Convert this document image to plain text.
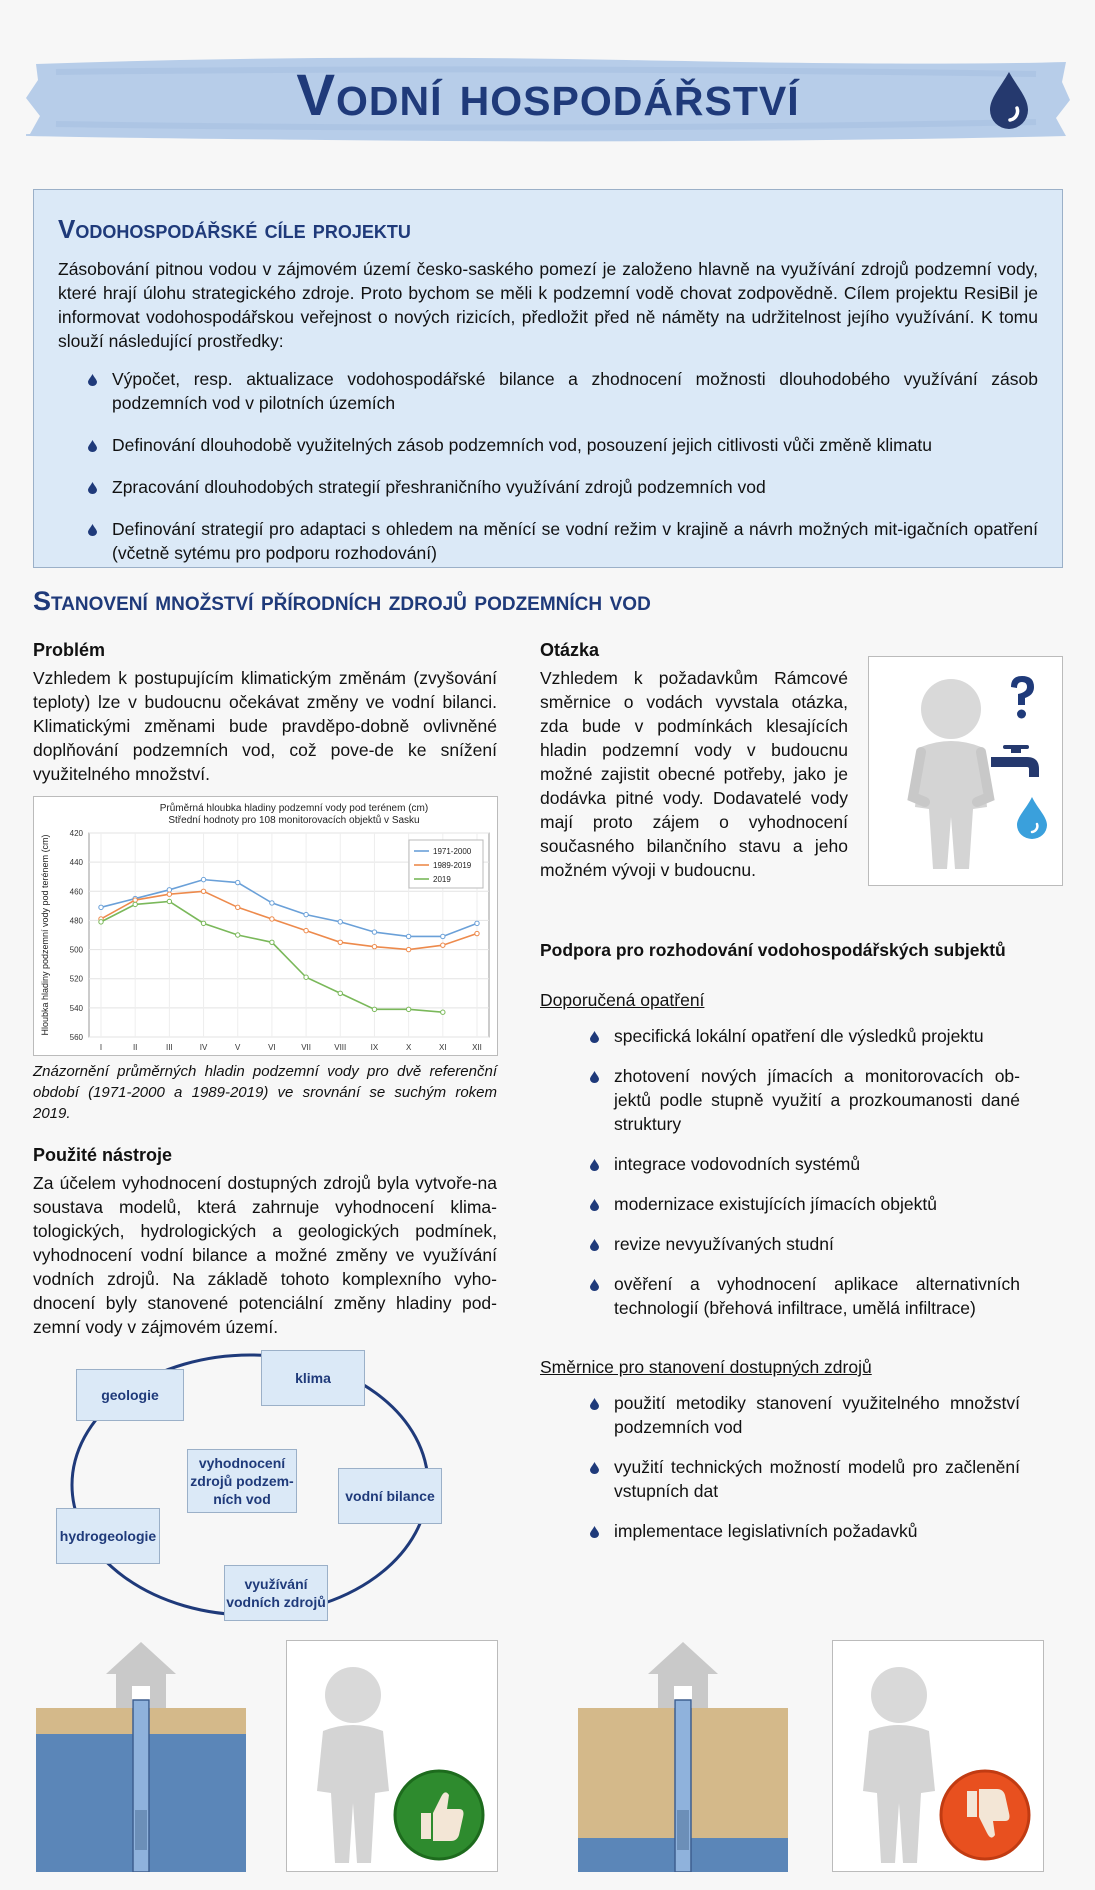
Vodní hospodářství
Vodohospodářské cíle projektu

Zásobování pitnou vodou v zájmovém území česko-saského pomezí je založeno hlavně na využívání zdrojů podzemní vody, které hrají úlohu strategického zdroje. Proto bychom se měli k podzemní vodě chovat zodpovědně. Cílem projektu ResiBil je informovat vodohospodářskou veřejnost o nových rizicích, předložit před ně náměty na udržitelnost jejího využívání. K tomu slouží následující prostředky:

Výpočet, resp. aktualizace vodohospodářské bilance a zhodnocení možnosti dlouhodobého využívání zásob podzemních vod v pilotních územích
Definování dlouhodobě využitelných zásob podzemních vod, posouzení jejich citlivosti vůči změně klimatu
Zpracování dlouhodobých strategií přeshraničního využívání zdrojů podzemních vod
Definování strategií pro adaptaci s ohledem na měnící se vodní režim v krajině a návrh možných mit-igačních opatření (včetně sytému pro podporu rozhodování)
Stanovení množství přírodních zdrojů podzemních vod
Problém
Vzhledem k postupujícím klimatickým změnám (zvyšování teploty) lze v budoucnu očekávat změny ve vodní bilanci. Klimatickými změnami bude pravděpo-dobně ovlivněné doplňování podzemních vod, což pove-de ke snížení využitelného množství.
Průměrná hloubka hladiny podzemní vody pod terénem (cm)
Střední hodnoty pro 108 monitorovacích objektů v Sasku
420
440
460
480
500
520
540
560
I	II	III	IV	V	VI	VII	VIII	IX	X	XI	XII
Hloubka hladiny podzemní vody pod terénem (cm)	1971-2000
1989-2019
2019
Znázornění průměrných hladin podzemní vody pro dvě referenční období (1971-2000 a 1989-2019) ve srovnání se suchým rokem 2019.
Použité nástroje
Za účelem vyhodnocení dostupných zdrojů byla vytvoře-na soustava modelů, která zahrnuje vyhodnocení klima-tologických, hydrologických a geologických podmínek, vyhodnocení vodní bilance a možné změny ve využívání vodních zdrojů. Na základě tohoto komplexního vyho-dnocení byly stanovené potenciální změny hladiny pod-zemní vody v zájmovém území.
geologie
klima
vodní bilance
využívání vodních zdrojů
hydrogeologie
vyhodnocení zdrojů podzem-ních vod
Otázka
Vzhledem k požadavkům Rámcové směrnice o vodách vyvstala otázka, zda bude v podmínkách klesajících hladin podzemní vody v budoucnu možné zajistit obecné potřeby, jako je dodávka pitné vody. Dodavatelé vody mají proto zájem o vyhodnocení současného bilančního stavu a jeho možném vývoji v budoucnu.
Podpora pro rozhodování vodohospodářských subjektů
Doporučená opatření
specifická lokální opatření dle výsledků projektu
zhotovení nových jímacích a monitorovacích ob-jektů podle stupně využití a prozkoumanosti dané struktury
integrace vodovodních systémů
modernizace existujících jímacích objektů
revize nevyužívaných studní
ověření a vyhodnocení aplikace alternativních technologií (břehová infiltrace, umělá infiltrace)
Směrnice pro stanovení dostupných zdrojů
použití metodiky stanovení využitelného množství podzemních vod
využití technických možností modelů pro začlenění vstupních dat
implementace legislativních požadavků
